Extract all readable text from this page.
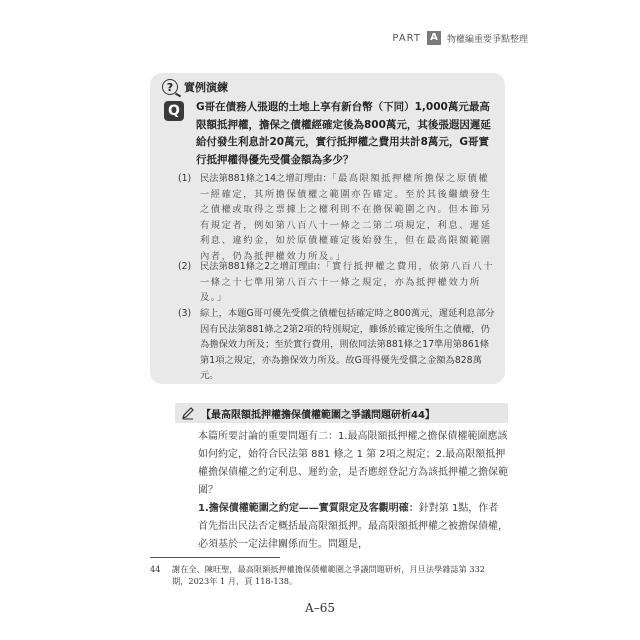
PART A	物權編重要爭點整理
? 實例演練
Q	G哥在債務人張遐的土地上享有新台幣（下同）1,000萬元最高限額抵押權，擔保之債權經確定後為800萬元，其後張遐因遲延給付發生利息計20萬元，實行抵押權之費用共計8萬元，G哥實行抵押權得優先受償金額為多少？
(1) 民法第881條之14之增訂理由：「最高限額抵押權所擔保之原債權一經確定，其所擔保債權之範圍亦告確定。至於其後繼續發生之債權或取得之票據上之權利則不在擔保範圍之內。但本節另有規定者，例如第八百八十一條之二第二項規定，利息、遲延利息、違約金，如於原債權確定後始發生，但在最高限額範圍內者，仍為抵押權效力所及。」
(2) 民法第881條之2之增訂理由：「實行抵押權之費用，依第八百八十一條之十七準用第八百六十一條之規定，亦為抵押權效力所及。」
(3) 綜上，本題G哥可優先受償之債權包括確定時之800萬元，遲延利息部分因有民法第881條之2第2項的特別規定，雖係於確定後所生之債權，仍為擔保效力所及；至於實行費用，則依同法第881條之17準用第861條第1項之規定，亦為擔保效力所及。故G哥得優先受償之金額為828萬元。
【最高限額抵押權擔保債權範圍之爭議問題研析44】

本篇所要討論的重要問題有二：1.最高限額抵押權之擔保債權範圍應該如何約定，始符合民法第 881 條之 1 第 2項之規定；2.最高限額抵押權擔保債權之約定利息、遲約金，是否應經登記方為該抵押權之擔保範圍？

1.擔保債權範圍之約定——實質限定及客觀明確：針對第 1點，作者首先指出民法否定概括最高限額抵押。最高限額抵押權之被擔保債權，必須基於一定法律關係而生。問題是，

44 謝在全、陳旺聖，最高限額抵押權擔保債權範圍之爭議問題研析，月旦法學雜誌第 332
期，2023年 1 月，頁 118-138。
A–65
